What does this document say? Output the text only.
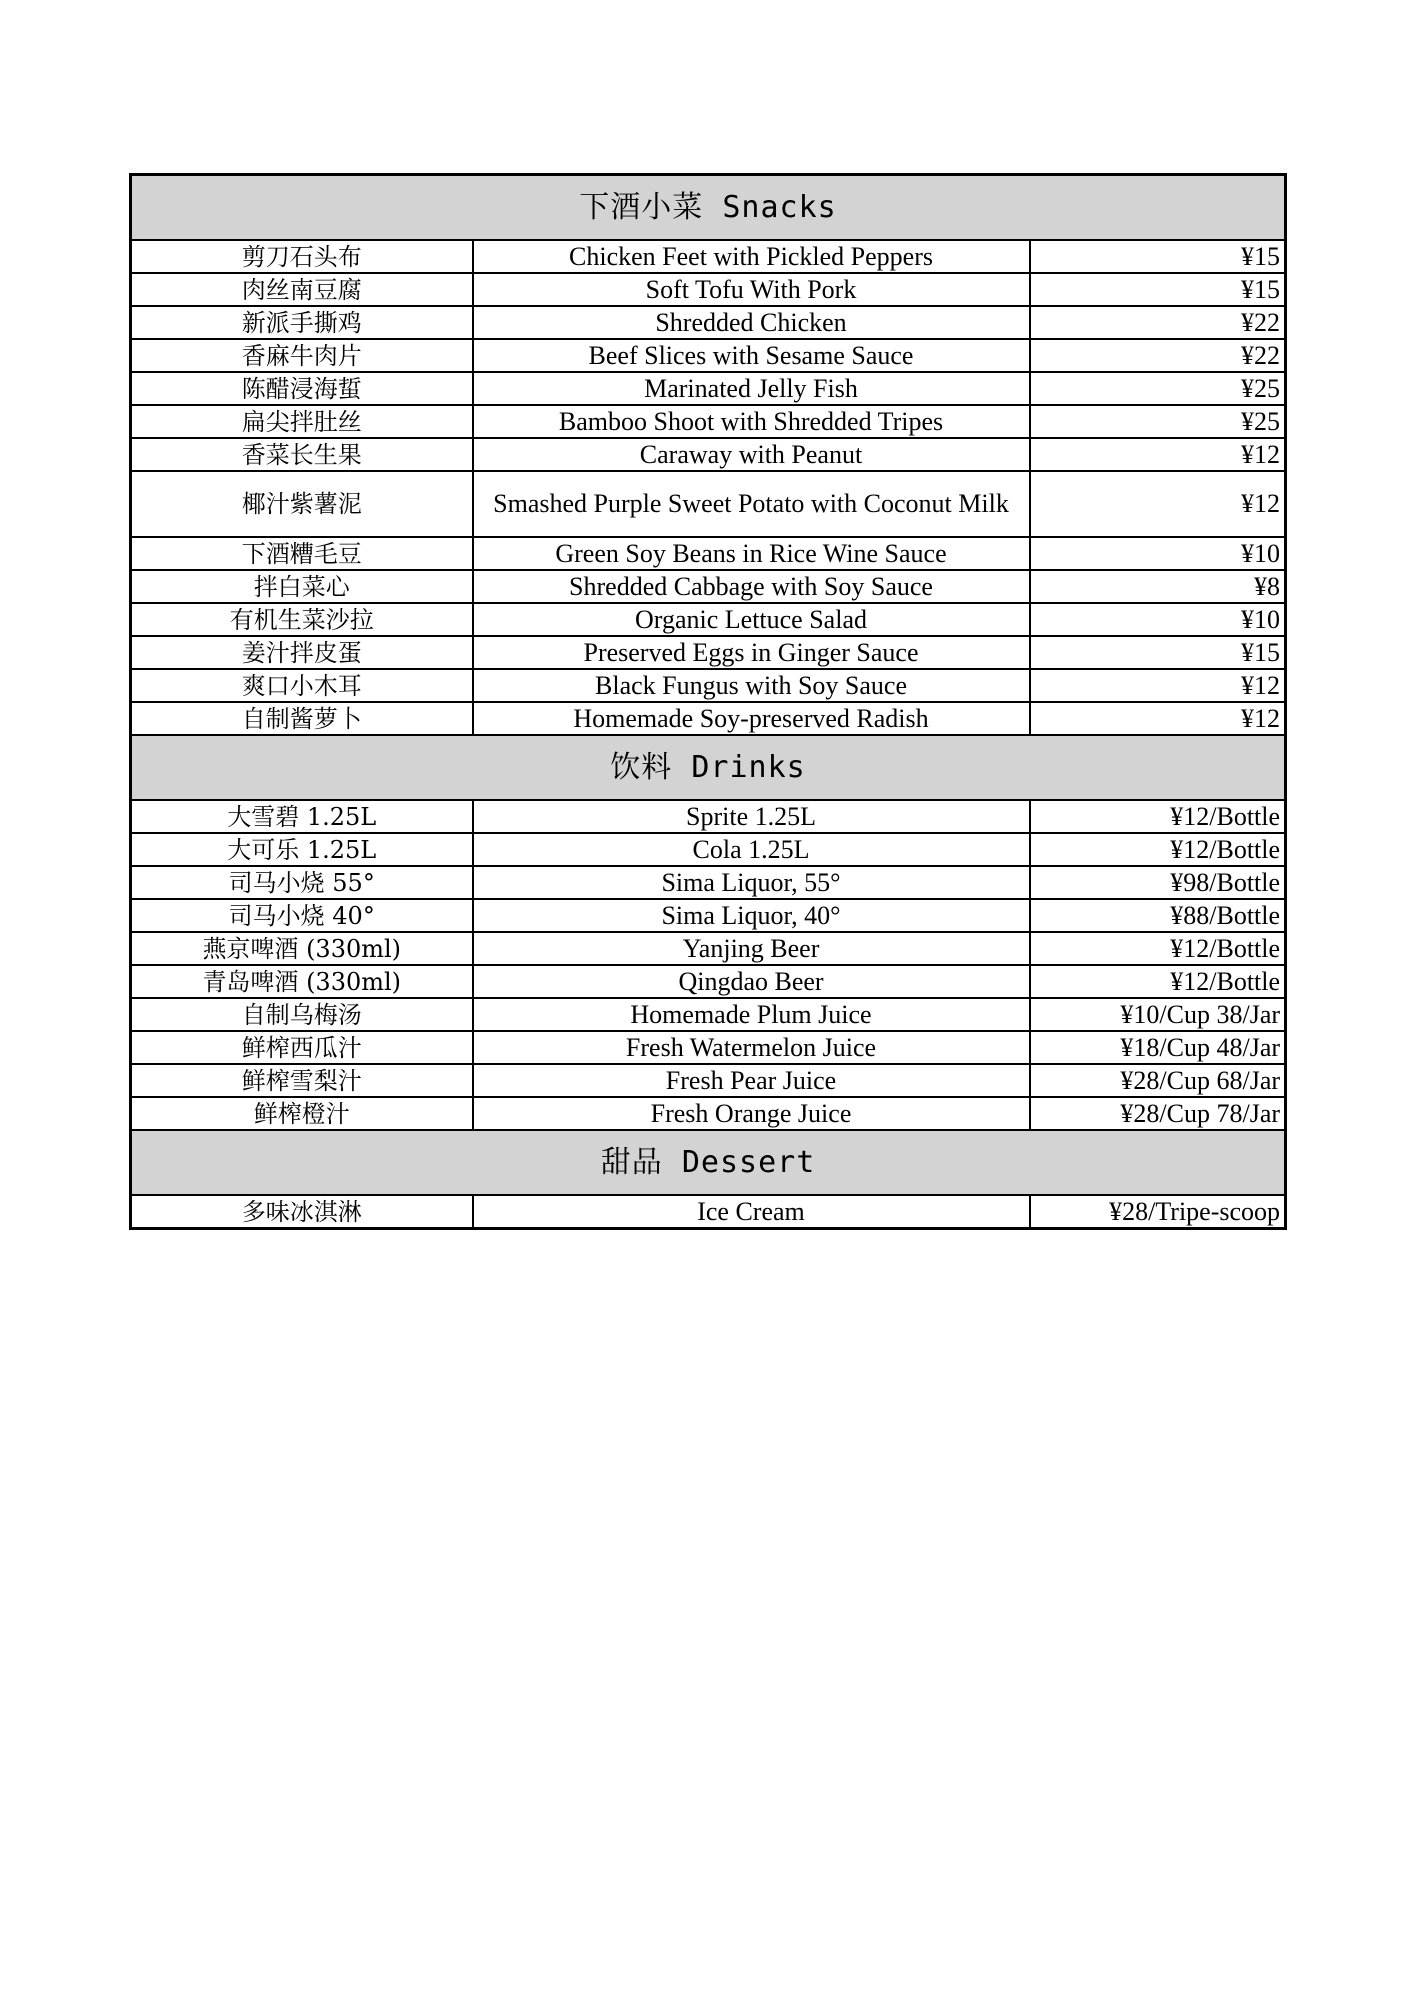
下酒小菜 Snacks		
剪刀石头布	Chicken Feet with Pickled Peppers	¥15
肉丝南豆腐	Soft Tofu With Pork	¥15
新派手撕鸡	Shredded Chicken	¥22
香麻牛肉片	Beef Slices with Sesame Sauce	¥22
陈醋浸海蜇	Marinated Jelly Fish	¥25
扁尖拌肚丝	Bamboo Shoot with Shredded Tripes	¥25
香菜长生果	Caraway with Peanut	¥12
椰汁紫薯泥	Smashed Purple Sweet Potato with Coconut Milk	¥12
下酒糟毛豆	Green Soy Beans in Rice Wine Sauce	¥10
拌白菜心	Shredded Cabbage with Soy Sauce	¥8
有机生菜沙拉	Organic Lettuce Salad	¥10
姜汁拌皮蛋	Preserved Eggs in Ginger Sauce	¥15
爽口小木耳	Black Fungus with Soy Sauce	¥12
自制酱萝卜	Homemade Soy-preserved Radish	¥12
饮料 Drinks		
大雪碧 1.25L	Sprite 1.25L	¥12/Bottle
大可乐 1.25L	Cola 1.25L	¥12/Bottle
司马小烧 55°	Sima Liquor, 55°	¥98/Bottle
司马小烧 40°	Sima Liquor, 40°	¥88/Bottle
燕京啤酒 (330ml)	Yanjing Beer	¥12/Bottle
青岛啤酒 (330ml)	Qingdao Beer	¥12/Bottle
自制乌梅汤	Homemade Plum Juice	¥10/Cup 38/Jar
鲜榨西瓜汁	Fresh Watermelon Juice	¥18/Cup 48/Jar
鲜榨雪梨汁	Fresh Pear Juice	¥28/Cup 68/Jar
鲜榨橙汁	Fresh Orange Juice	¥28/Cup 78/Jar
甜品 Dessert		
多味冰淇淋	Ice Cream	¥28/Tripe-scoop
